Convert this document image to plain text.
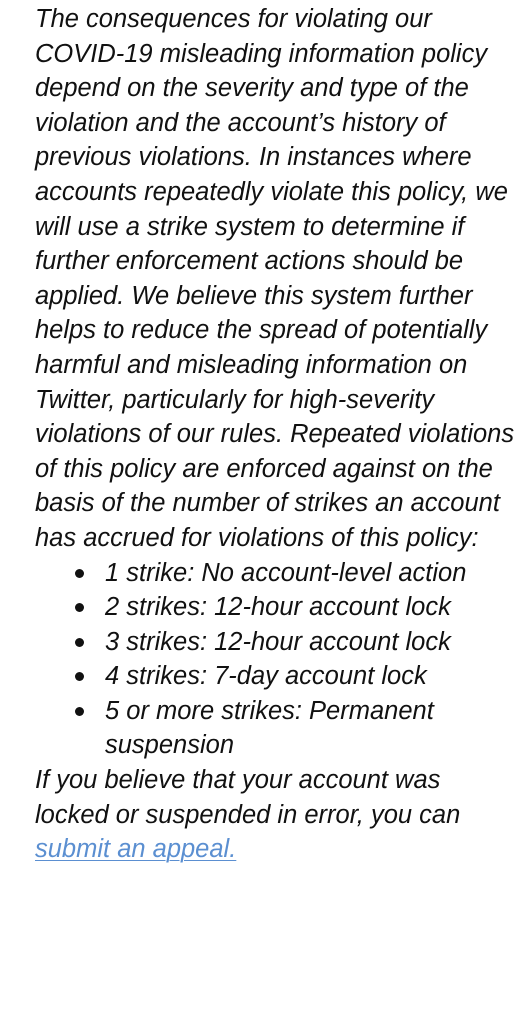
The consequences for violating our COVID-19 misleading information policy depend on the severity and type of the violation and the account’s history of previous violations. In instances where accounts repeatedly violate this policy, we will use a strike system to determine if further enforcement actions should be applied. We believe this system further helps to reduce the spread of potentially harmful and misleading information on Twitter, particularly for high-severity violations of our rules. Repeated violations of this policy are enforced against on the basis of the number of strikes an account has accrued for violations of this policy:

1 strike: No account-level action
2 strikes: 12-hour account lock
3 strikes: 12-hour account lock
4 strikes: 7-day account lock
5 or more strikes: Permanent suspension

If you believe that your account was locked or suspended in error, you can submit an appeal.
